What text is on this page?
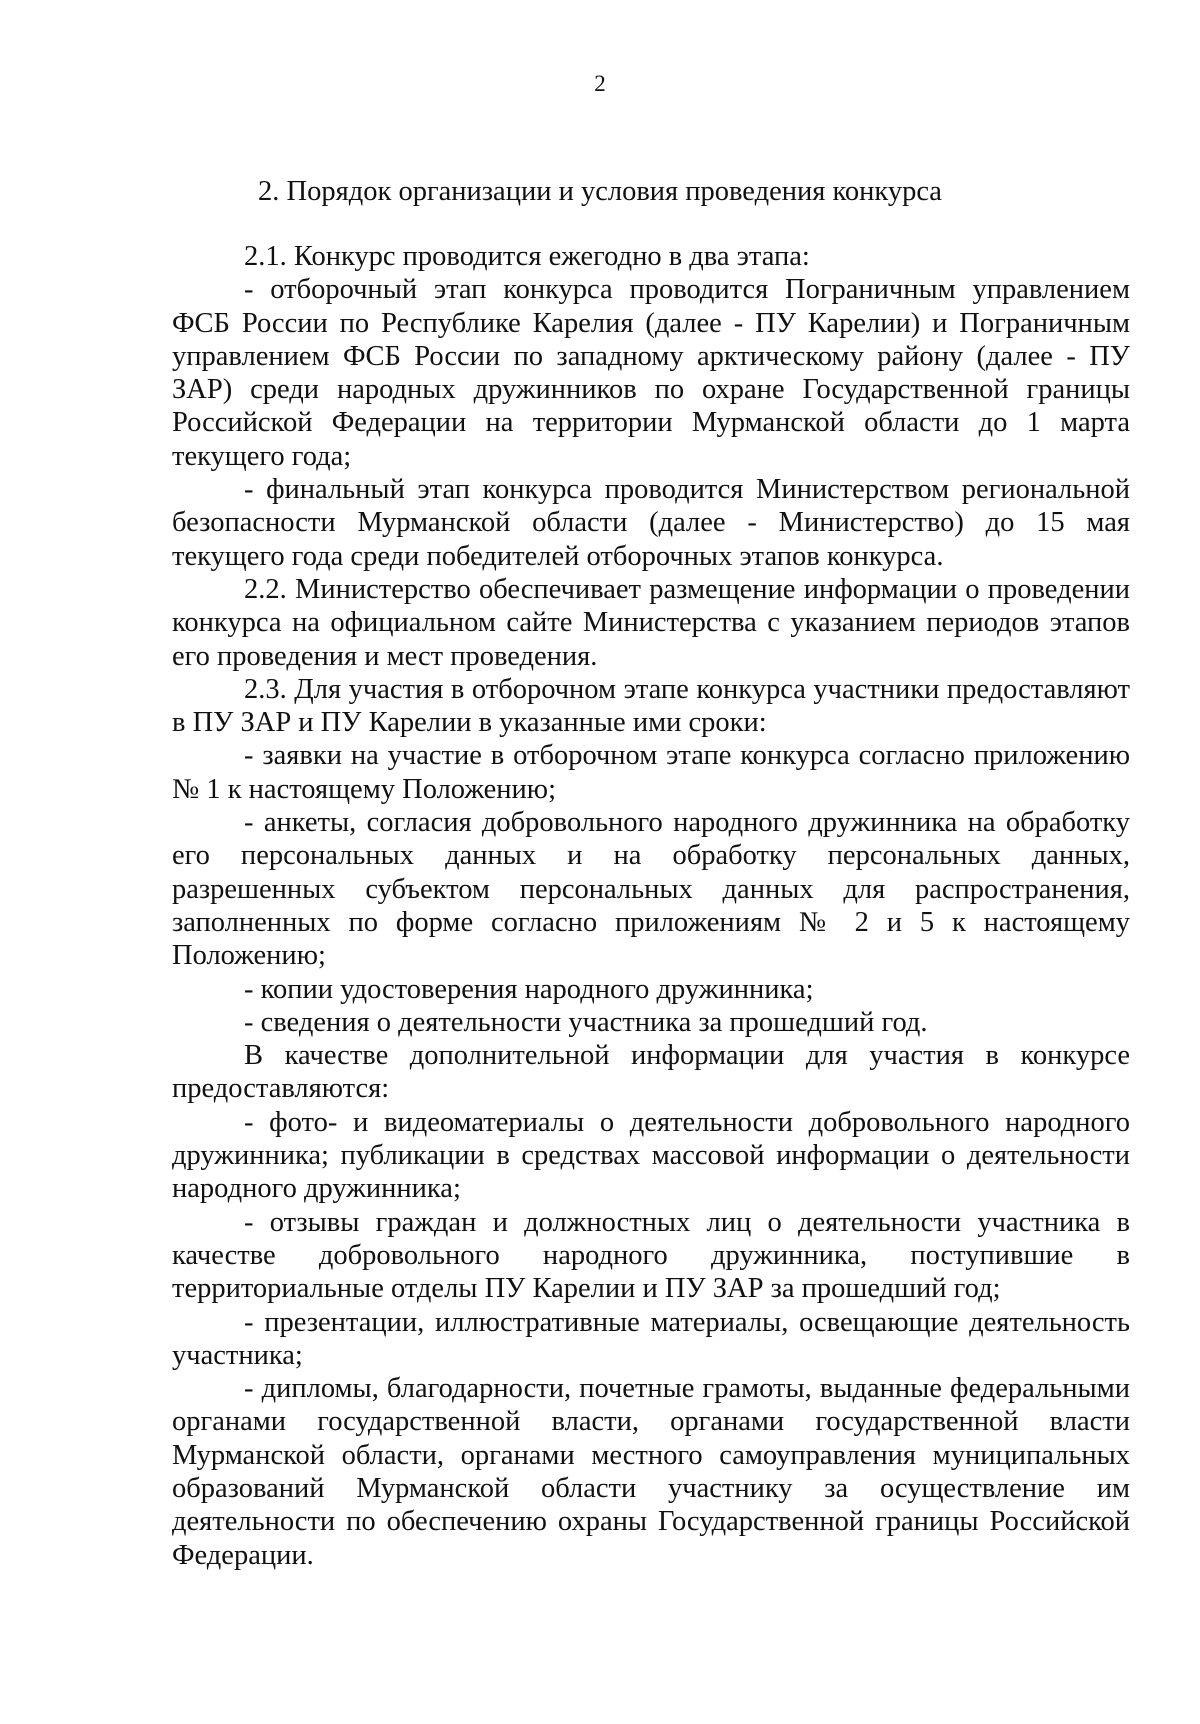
2
2. Порядок организации и условия проведения конкурса

2.1. Конкурс проводится ежегодно в два этапа:

- отборочный этап конкурса проводится Пограничным управлением ФСБ России по Республике Карелия (далее - ПУ Карелии) и Пограничным управлением ФСБ России по западному арктическому району (далее - ПУ ЗАР) среди народных дружинников по охране Государственной границы Российской Федерации на территории Мурманской области до 1 марта текущего года;

- финальный этап конкурса проводится Министерством региональной безопасности Мурманской области (далее - Министерство) до 15 мая текущего года среди победителей отборочных этапов конкурса.

2.2. Министерство обеспечивает размещение информации о проведении конкурса на официальном сайте Министерства с указанием периодов этапов его проведения и мест проведения.

2.3. Для участия в отборочном этапе конкурса участники предоставляют в ПУ ЗАР и ПУ Карелии в указанные ими сроки:

- заявки на участие в отборочном этапе конкурса согласно приложению № 1 к настоящему Положению;

- анкеты, согласия добровольного народного дружинника на обработку его персональных данных и на обработку персональных данных, разрешенных субъектом персональных данных для распространения, заполненных по форме согласно приложениям № 2 и 5 к настоящему Положению;

- копии удостоверения народного дружинника;

- сведения о деятельности участника за прошедший год.

В качестве дополнительной информации для участия в конкурсе предоставляются:

- фото- и видеоматериалы о деятельности добровольного народного дружинника; публикации в средствах массовой информации о деятельности народного дружинника;

- отзывы граждан и должностных лиц о деятельности участника в качестве добровольного народного дружинника, поступившие в территориальные отделы ПУ Карелии и ПУ ЗАР за прошедший год;

- презентации, иллюстративные материалы, освещающие деятельность участника;

- дипломы, благодарности, почетные грамоты, выданные федеральными органами государственной власти, органами государственной власти Мурманской области, органами местного самоуправления муниципальных образований Мурманской области участнику за осуществление им деятельности по обеспечению охраны Государственной границы Российской Федерации.
